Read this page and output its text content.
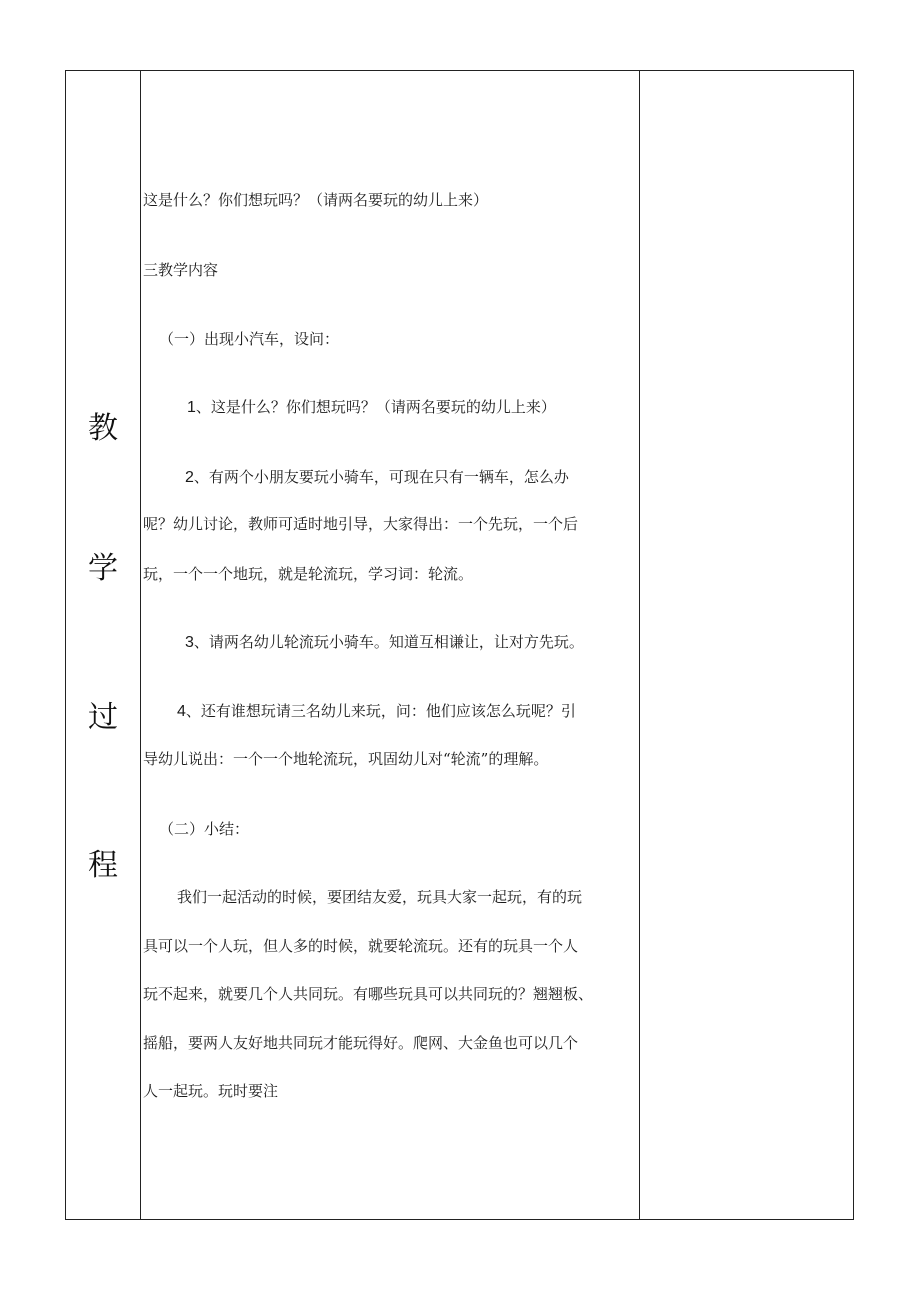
教
学
过
程
这是什么？你们想玩吗？（请两名要玩的幼儿上来）
三教学内容
（一）出现小汽车，设问：
1、这是什么？你们想玩吗？（请两名要玩的幼儿上来）
2、有两个小朋友要玩小骑车，可现在只有一辆车，怎么办
呢？幼儿讨论，教师可适时地引导，大家得出：一个先玩，一个后
玩，一个一个地玩，就是轮流玩，学习词：轮流。
3、请两名幼儿轮流玩小骑车。知道互相谦让，让对方先玩。
4、还有谁想玩请三名幼儿来玩，问：他们应该怎么玩呢？引
导幼儿说出：一个一个地轮流玩，巩固幼儿对“轮流”的理解。
（二）小结：
我们一起活动的时候，要团结友爱，玩具大家一起玩，有的玩
具可以一个人玩，但人多的时候，就要轮流玩。还有的玩具一个人
玩不起来，就要几个人共同玩。有哪些玩具可以共同玩的？翘翘板、
摇船，要两人友好地共同玩才能玩得好。爬网、大金鱼也可以几个
人一起玩。玩时要注
